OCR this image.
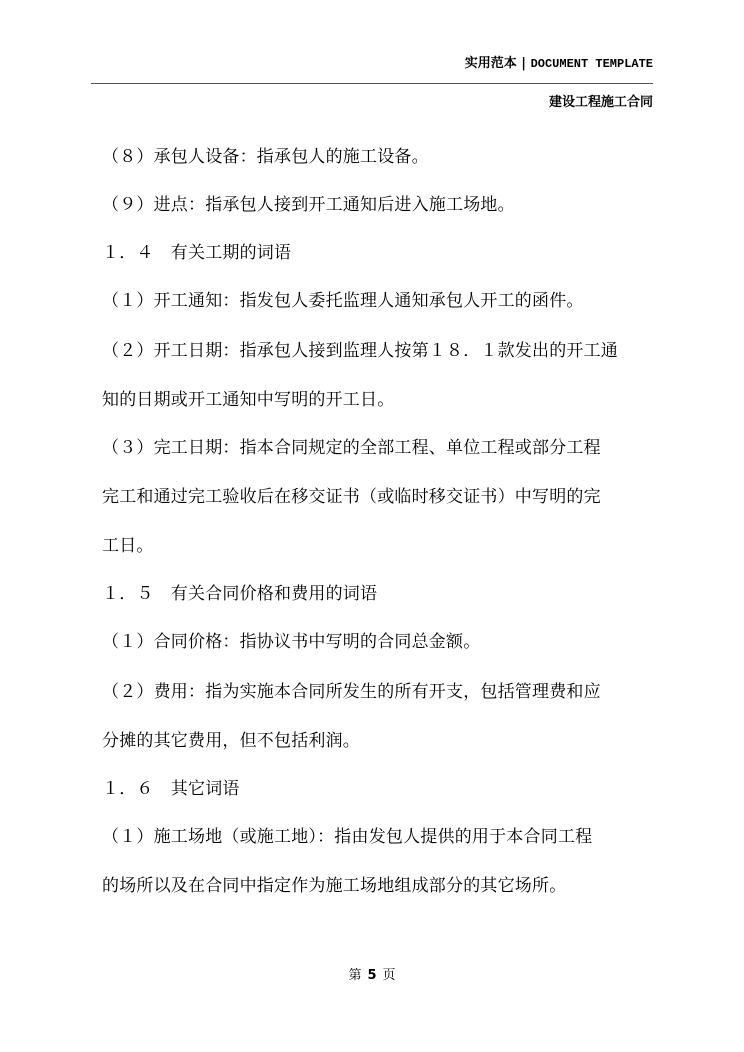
实用范本 | DOCUMENT TEMPLATE
建设工程施工合同
（８）承包人设备：指承包人的施工设备。
（９）进点：指承包人接到开工通知后进入施工场地。
１．４　有关工期的词语
（１）开工通知：指发包人委托监理人通知承包人开工的函件。
（２）开工日期：指承包人接到监理人按第１８．１款发出的开工通
知的日期或开工通知中写明的开工日。
（３）完工日期：指本合同规定的全部工程、单位工程或部分工程
完工和通过完工验收后在移交证书（或临时移交证书）中写明的完
工日。
１．５　有关合同价格和费用的词语
（１）合同价格：指协议书中写明的合同总金额。
（２）费用：指为实施本合同所发生的所有开支，包括管理费和应
分摊的其它费用，但不包括利润。
１．６　其它词语
（１）施工场地（或施工地）：指由发包人提供的用于本合同工程
的场所以及在合同中指定作为施工场地组成部分的其它场所。
第 5 页
